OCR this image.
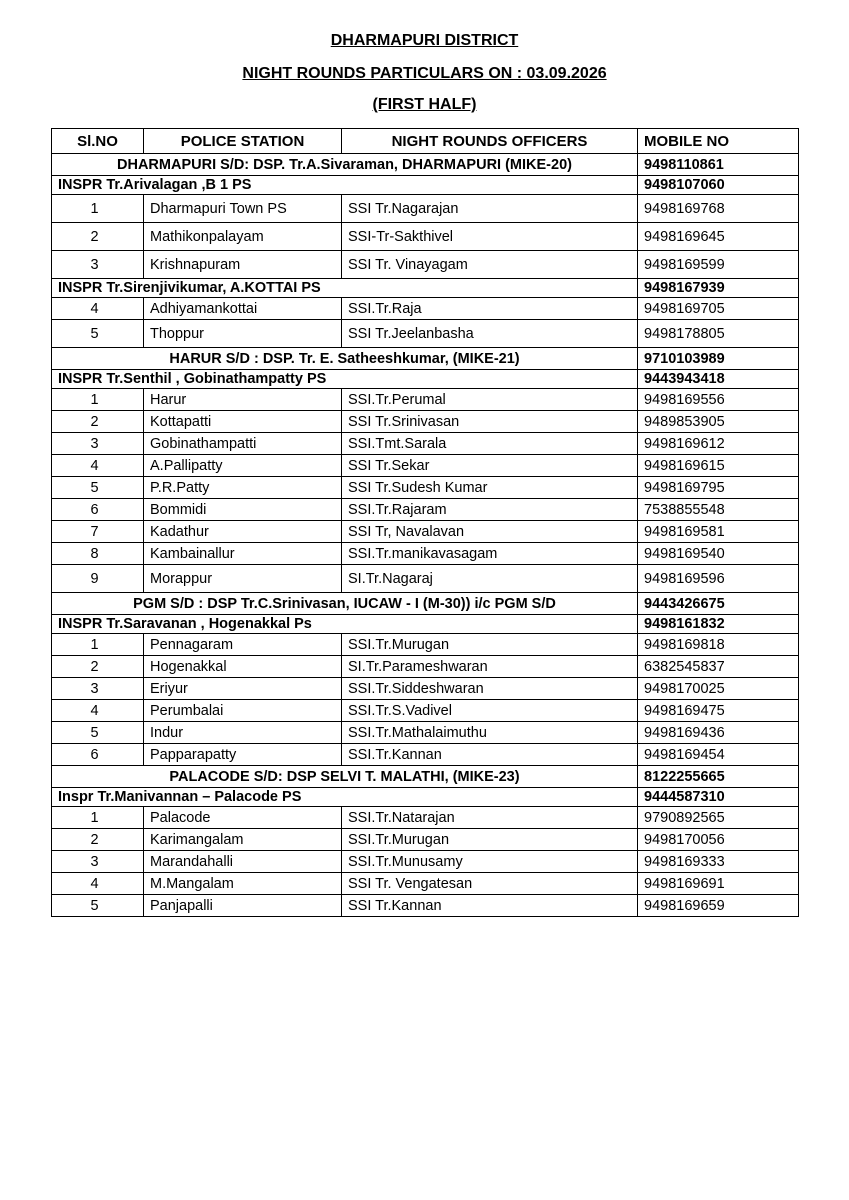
DHARMAPURI DISTRICT
NIGHT ROUNDS PARTICULARS ON : 03.09.2026
(FIRST HALF)
Sl.NO	POLICE STATION	NIGHT ROUNDS OFFICERS	MOBILE NO
DHARMAPURI S/D: DSP. Tr.A.Sivaraman, DHARMAPURI (MIKE-20)			9498110861
INSPR Tr.Arivalagan ,B 1 PS			9498107060
1	Dharmapuri Town PS	SSI Tr.Nagarajan	9498169768
2	Mathikonpalayam	SSI-Tr-Sakthivel	9498169645
3	Krishnapuram	SSI Tr. Vinayagam	9498169599
INSPR Tr.Sirenjivikumar, A.KOTTAI PS			9498167939
4	Adhiyamankottai	SSI.Tr.Raja	9498169705
5	Thoppur	SSI Tr.Jeelanbasha	9498178805
HARUR S/D : DSP. Tr. E. Satheeshkumar, (MIKE-21)			9710103989
INSPR Tr.Senthil , Gobinathampatty PS			9443943418
1	Harur	SSI.Tr.Perumal	9498169556
2	Kottapatti	SSI Tr.Srinivasan	9489853905
3	Gobinathampatti	SSI.Tmt.Sarala	9498169612
4	A.Pallipatty	SSI Tr.Sekar	9498169615
5	P.R.Patty	SSI Tr.Sudesh Kumar	9498169795
6	Bommidi	SSI.Tr.Rajaram	7538855548
7	Kadathur	SSI Tr, Navalavan	9498169581
8	Kambainallur	SSI.Tr.manikavasagam	9498169540
9	Morappur	SI.Tr.Nagaraj	9498169596
PGM S/D : DSP Tr.C.Srinivasan, IUCAW - I (M-30)) i/c PGM S/D			9443426675
INSPR Tr.Saravanan , Hogenakkal Ps			9498161832
1	Pennagaram	SSI.Tr.Murugan	9498169818
2	Hogenakkal	SI.Tr.Parameshwaran	6382545837
3	Eriyur	SSI.Tr.Siddeshwaran	9498170025
4	Perumbalai	SSI.Tr.S.Vadivel	9498169475
5	Indur	SSI.Tr.Mathalaimuthu	9498169436
6	Papparapatty	SSI.Tr.Kannan	9498169454
PALACODE S/D: DSP SELVI T. MALATHI, (MIKE-23)			8122255665
Inspr Tr.Manivannan – Palacode PS			9444587310
1	Palacode	SSI.Tr.Natarajan	9790892565
2	Karimangalam	SSI.Tr.Murugan	9498170056
3	Marandahalli	SSI.Tr.Munusamy	9498169333
4	M.Mangalam	SSI Tr. Vengatesan	9498169691
5	Panjapalli	SSI Tr.Kannan	9498169659
